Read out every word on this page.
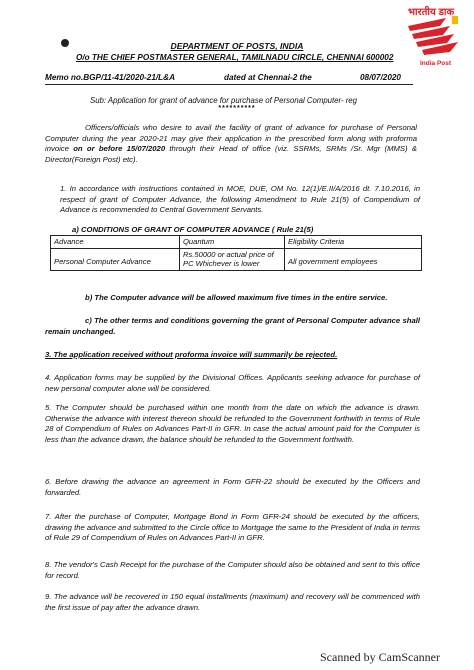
भारतीय डाक
India Post
DEPARTMENT OF POSTS, INDIA
O/o THE CHIEF POSTMASTER GENERAL, TAMILNADU CIRCLE, CHENNAI 600002
Memo no.BGP/11-41/2020-21/L&A	dated at Chennai-2 the	08/07/2020
Sub: Application for grant of advance for purchase of Personal Computer- reg
**********
Officers/officials who desire to avail the facility of grant of advance for purchase of Personal Computer during the year 2020-21 may give their application in the prescribed form along with proforma invoice on or before 15/07/2020 through their Head of office (viz. SSRMs, SRMs /Sr. Mgr (MMS) & Director(Foreign Post) etc).
1. In accordance with instructions contained in MOE, DUE, OM No. 12(1)/E.II/A/2016 dt. 7.10.2016, in respect of grant of Computer Advance, the following Amendment to Rule 21(5) of Compendium of Advance is recommended to Central Government Servants.
a) CONDITIONS OF GRANT OF COMPUTER ADVANCE ( Rule 21(5)
Advance	Quantum	Eligibility Criteria
Personal Computer Advance	Rs.50000 or actual price of PC Whichever is lower	All government employees
b) The Computer advance will be allowed maximum five times in the entire service.
c) The other terms and conditions governing the grant of Personal Computer advance shall remain unchanged.
3. The application received without proforma invoice will summarily be rejected.
4. Application forms may be supplied by the Divisional Offices. Applicants seeking advance for purchase of new personal computer alone will be considered.
5. The Computer should be purchased within one month from the date on which the advance is drawn. Otherwise the advance with interest thereon should be refunded to the Government forthwith in terms of Rule 28 of Compendium of Rules on Advances Part-II in GFR. In case the actual amount paid for the Computer is less than the advance drawn, the balance should be refunded to the Government forthwith.
6. Before drawing the advance an agreement in Form GFR-22 should be executed by the Officers and forwarded.
7. After the purchase of Computer, Mortgage Bond in Form GFR-24 should be executed by the officers, drawing the advance and submitted to the Circle office to Mortgage the same to the President of India in terms of Rule 29 of Compendium of Rules on Advances Part-II in GFR.
8. The vendor's Cash Receipt for the purchase of the Computer should also be obtained and sent to this office for record.
9. The advance will be recovered in 150 equal installments (maximum) and recovery will be commenced with the first issue of pay after the advance drawn.
Scanned by CamScanner
